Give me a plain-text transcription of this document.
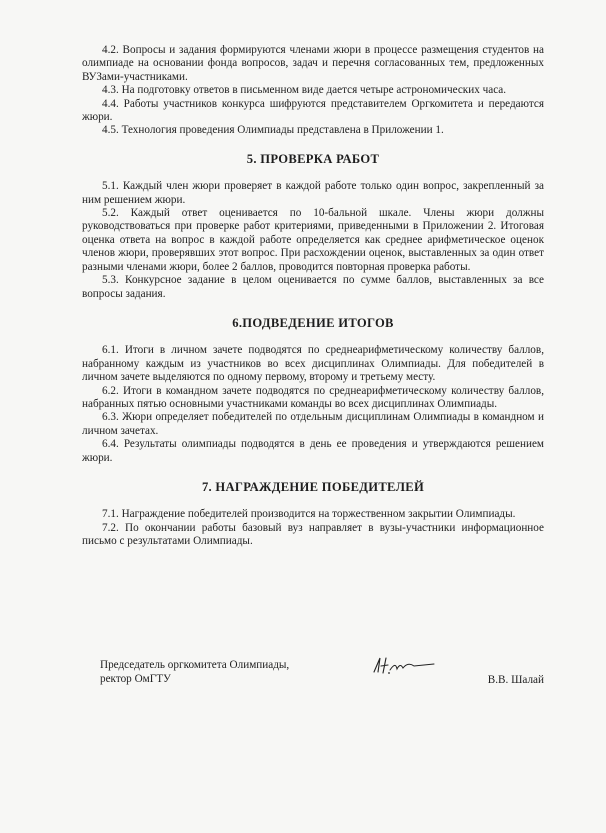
4.2. Вопросы и задания формируются членами жюри в процессе размещения студентов на олимпиаде на основании фонда вопросов, задач и перечня согласованных тем, предложенных ВУЗами-участниками.

4.3. На подготовку ответов в письменном виде дается четыре астрономических часа.

4.4. Работы участников конкурса шифруются представителем Оргкомитета и передаются жюри.

4.5. Технология проведения Олимпиады представлена в Приложении 1.

5. ПРОВЕРКА РАБОТ

5.1. Каждый член жюри проверяет в каждой работе только один вопрос, закрепленный за ним решением жюри.

5.2. Каждый ответ оценивается по 10-бальной шкале. Члены жюри должны руководствоваться при проверке работ критериями, приведенными в Приложении 2. Итоговая оценка ответа на вопрос в каждой работе определяется как среднее арифметическое оценок членов жюри, проверявших этот вопрос. При расхождении оценок, выставленных за один ответ разными членами жюри, более 2 баллов, проводится повторная проверка работы.

5.3. Конкурсное задание в целом оценивается по сумме баллов, выставленных за все вопросы задания.

6.ПОДВЕДЕНИЕ ИТОГОВ

6.1. Итоги в личном зачете подводятся по среднеарифметическому количеству баллов, набранному каждым из участников во всех дисциплинах Олимпиады. Для победителей в личном зачете выделяются по одному первому, второму и третьему месту.

6.2. Итоги в командном зачете подводятся по среднеарифметическому количеству баллов, набранных пятью основными участниками команды во всех дисциплинах Олимпиады.

6.3. Жюри определяет победителей по отдельным дисциплинам Олимпиады в командном и личном зачетах.

6.4. Результаты олимпиады подводятся в день ее проведения и утверждаются решением жюри.

7. НАГРАЖДЕНИЕ ПОБЕДИТЕЛЕЙ

7.1. Награждение победителей производится на торжественном закрытии Олимпиады.

7.2. По окончании работы базовый вуз направляет в вузы-участники информационное письмо с результатами Олимпиады.

Председатель оргкомитета Олимпиады,
ректор ОмГТУ	В.В. Шалай
